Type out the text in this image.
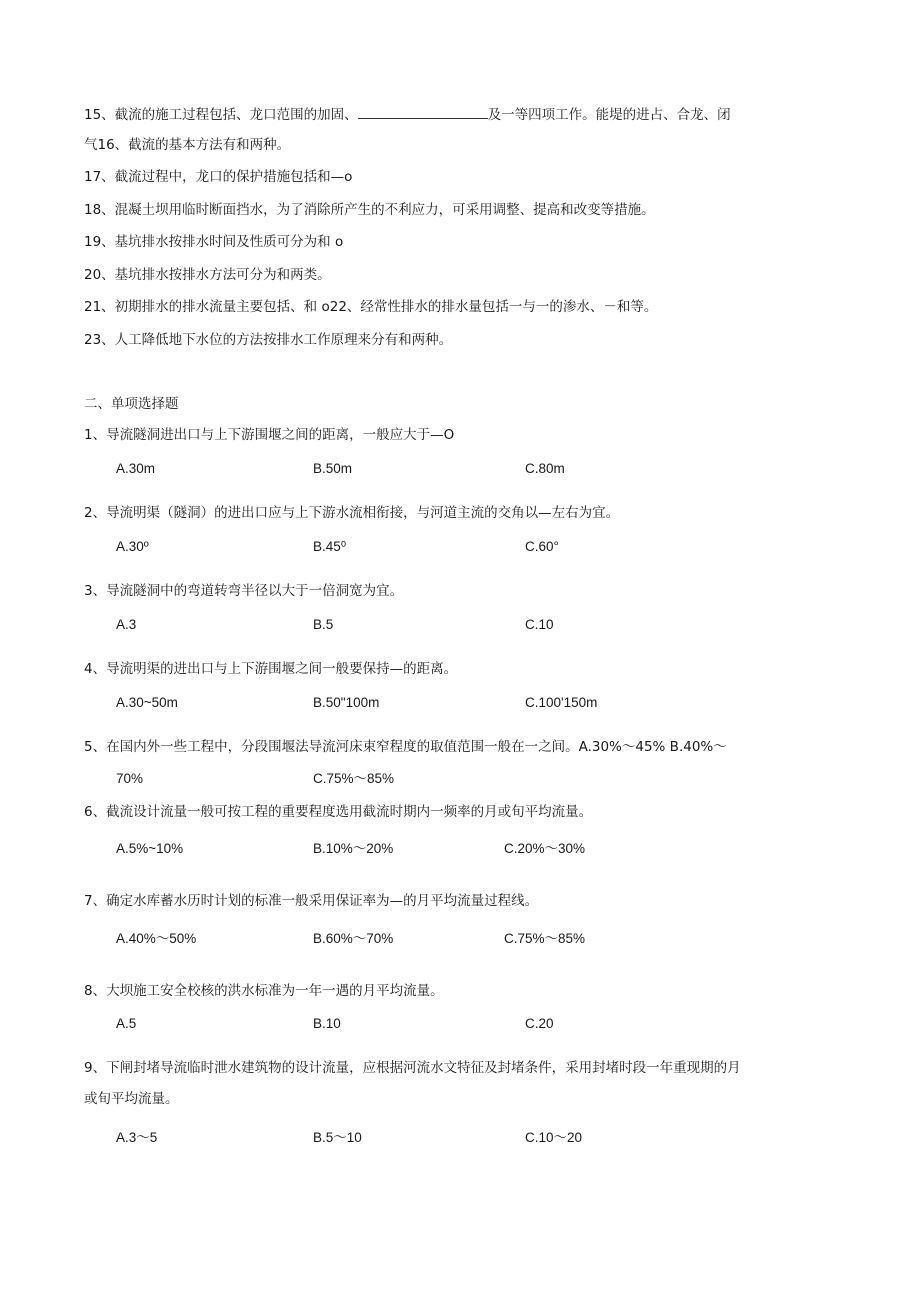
15、截流的施工过程包括、龙口范围的加固、	及一等四项工作。能堤的进占、合龙、闭
气16、截流的基本方法有和两种。
17、截流过程中，龙口的保护措施包括和—o
18、混凝土坝用临时断面挡水，为了消除所产生的不利应力，可采用调整、提高和改变等措施。
19、基坑排水按排水时间及性质可分为和 o
20、基坑排水按排水方法可分为和两类。
21、初期排水的排水流量主要包括、和 o22、经常性排水的排水量包括一与一的渗水、－和等。
23、人工降低地下水位的方法按排水工作原理来分有和两种。
二、单项选择题
1、导流隧洞进出口与上下游围堰之间的距离，一般应大于—O
A.30m	B.50m	C.80m
2、导流明渠（隧洞）的进出口应与上下游水流相衔接，与河道主流的交角以—左右为宜。
A.30º	B.45⁰	C.60°
3、导流隧洞中的弯道转弯半径以大于一倍洞宽为宜。
A.3	B.5	C.10
4、导流明渠的进出口与上下游围堰之间一般要保持—的距离。
A.30~50m	B.50"100m	C.100'150m
5、在国内外一些工程中，分段围堰法导流河床束窄程度的取值范围一般在一之间。A.30%～45% B.40%～
70%	C.75%～85%
6、截流设计流量一般可按工程的重要程度选用截流时期内一频率的月或旬平均流量。
A.5%~10%	B.10%～20%	C.20%～30%
7、确定水库蓄水历时计划的标准一般采用保证率为—的月平均流量过程线。
A.40%～50%	B.60%～70%	C.75%～85%
8、大坝施工安全校核的洪水标准为一年一遇的月平均流量。
A.5	B.10	C.20
9、下闸封堵导流临时泄水建筑物的设计流量，应根据河流水文特征及封堵条件，采用封堵时段一年重现期的月
或旬平均流量。
A.3～5	B.5～10	C.10～20
